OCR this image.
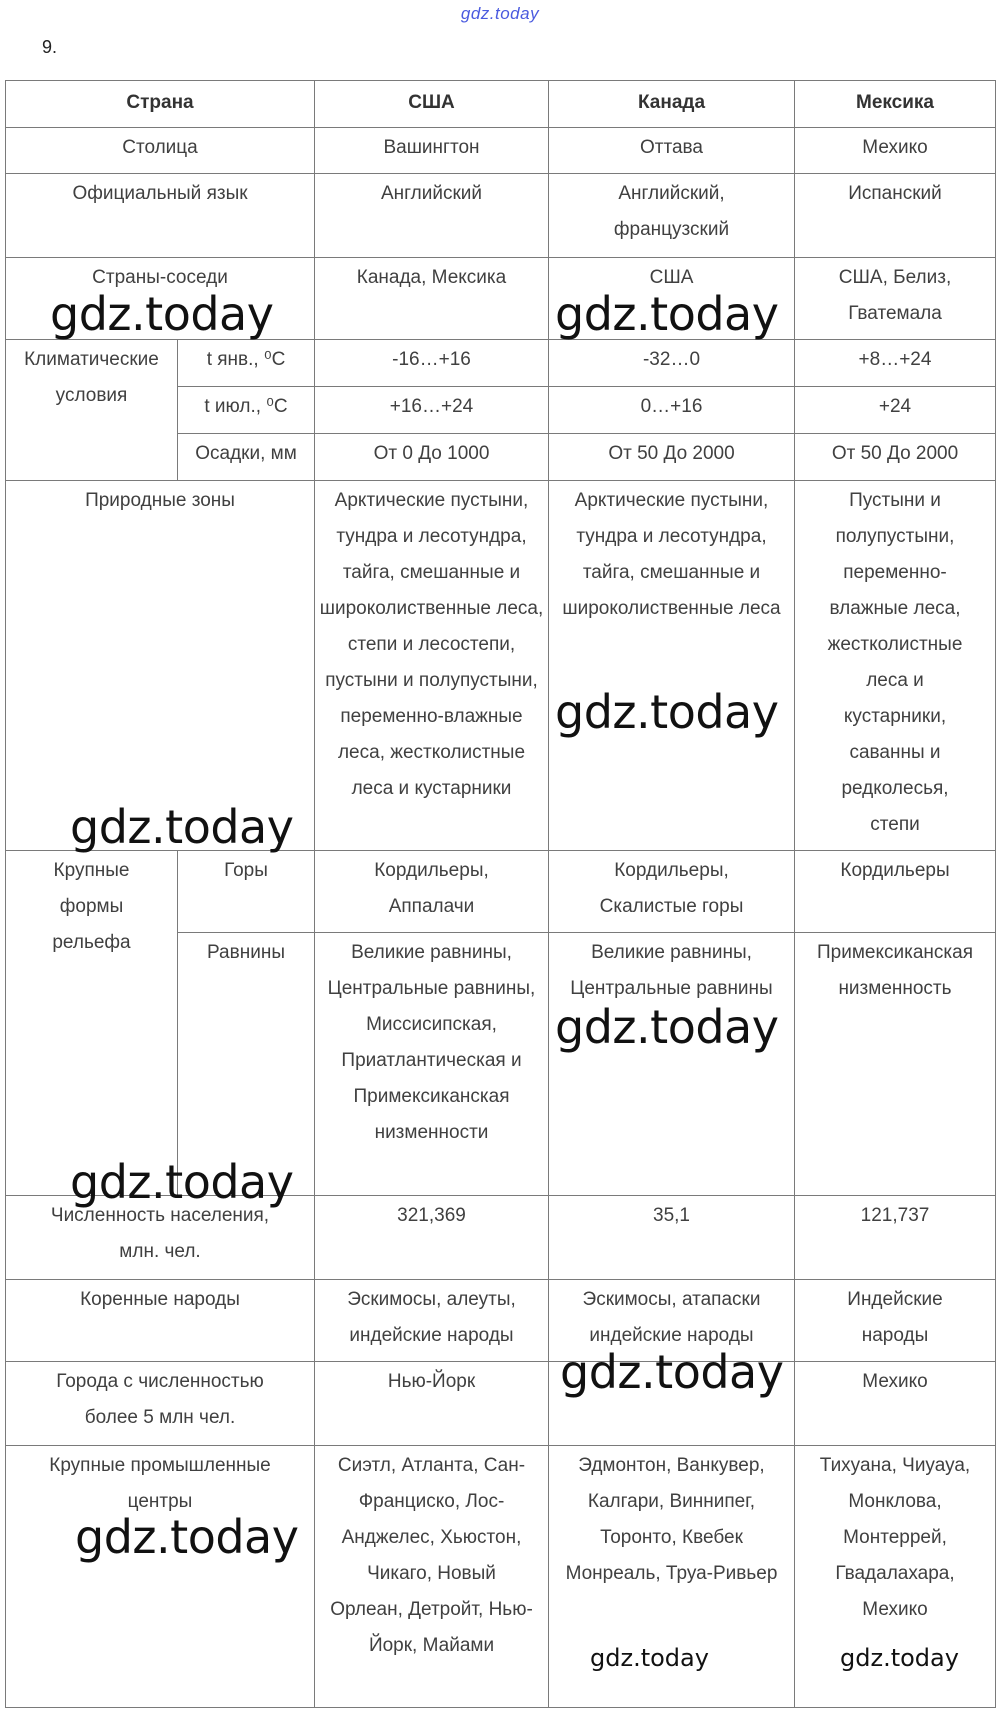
gdz.today
9.
Страна		США	Канада	Мексика
Столица		Вашингтон	Оттава	Мехико
Официальный язык		Английский	Английский, французский	Испанский
Страны-соседи		Канада, Мексика	США	США, Белиз, Гватемала
Климатические условия	t янв., ⁰С	-16…+16	-32…0	+8…+24
	t июл., ⁰С	+16…+24	0…+16	+24
	Осадки, мм	От 0 До 1000	От 50 До 2000	От 50 До 2000
Природные зоны		Арктические пустыни, тундра и лесотундра, тайга, смешанные и широколиственные леса, степи и лесостепи, пустыни и полупустыни, переменно-влажные леса, жестколистные леса и кустарники	Арктические пустыни, тундра и лесотундра, тайга, смешанные и широколиственные леса	Пустыни и полупустыни, переменно-влажные леса, жестколистные леса и кустарники, саванны и редколесья, степи
Крупные формы рельефа	Горы	Кордильеры, Аппалачи	Кордильеры, Скалистые горы	Кордильеры
	Равнины	Великие равнины, Центральные равнины, Миссисипская, Приатлантическая и Примексиканская низменности	Великие равнины, Центральные равнины	Примексиканская низменность
Численность населения, млн. чел.		321,369	35,1	121,737
Коренные народы		Эскимосы, алеуты, индейские народы	Эскимосы, атапаски индейские народы	Индейские народы
Города с численностью более 5 млн чел.		Нью-Йорк		Мехико
Крупные промышленные центры		Сиэтл, Атланта, Сан-Франциско, Лос-Анджелес, Хьюстон, Чикаго, Новый Орлеан, Детройт, Нью-Йорк, Майами	Эдмонтон, Ванкувер, Калгари, Виннипег, Торонто, Квебек Монреаль, Труа-Ривьер	Тихуана, Чиуауа, Монклова, Монтеррей, Гвадалахара, Мехико
gdz.today	gdz.today
gdz.today
gdz.today
gdz.today
gdz.today
gdz.today
gdz.today
gdz.today	gdz.today
